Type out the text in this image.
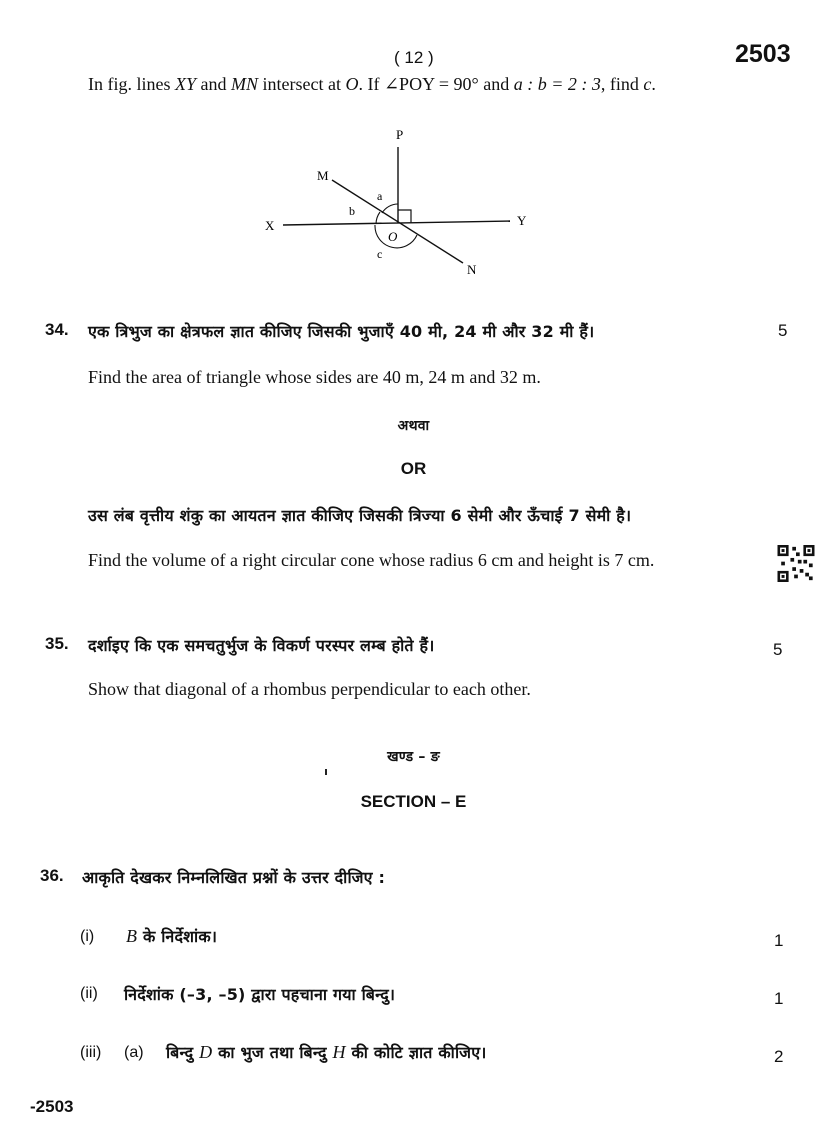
( 12 )	2503
In fig. lines XY and MN intersect at O. If ∠POY = 90° and a : b = 2 : 3, find c.
P
M
X	Y
N
O
a
b
c
34. एक त्रिभुज का क्षेत्रफल ज्ञात कीजिए जिसकी भुजाएँ 40 मी, 24 मी और 32 मी हैं।	5
Find the area of triangle whose sides are 40 m, 24 m and 32 m.
अथवा
OR
उस लंब वृत्तीय शंकु का आयतन ज्ञात कीजिए जिसकी त्रिज्या 6 सेमी और ऊँचाई 7 सेमी है।
Find the volume of a right circular cone whose radius 6 cm and height is 7 cm.
35. दर्शाइए कि एक समचतुर्भुज के विकर्ण परस्पर लम्ब होते हैं।	5
Show that diagonal of a rhombus perpendicular to each other.
खण्ड – ङ
SECTION – E
36. आकृति देखकर निम्नलिखित प्रश्नों के उत्तर दीजिए :
(i) B के निर्देशांक।	1
(ii) निर्देशांक (–3, –5) द्वारा पहचाना गया बिन्दु।	1
(iii) (a) बिन्दु D का भुज तथा बिन्दु H की कोटि ज्ञात कीजिए।	2
-2503
